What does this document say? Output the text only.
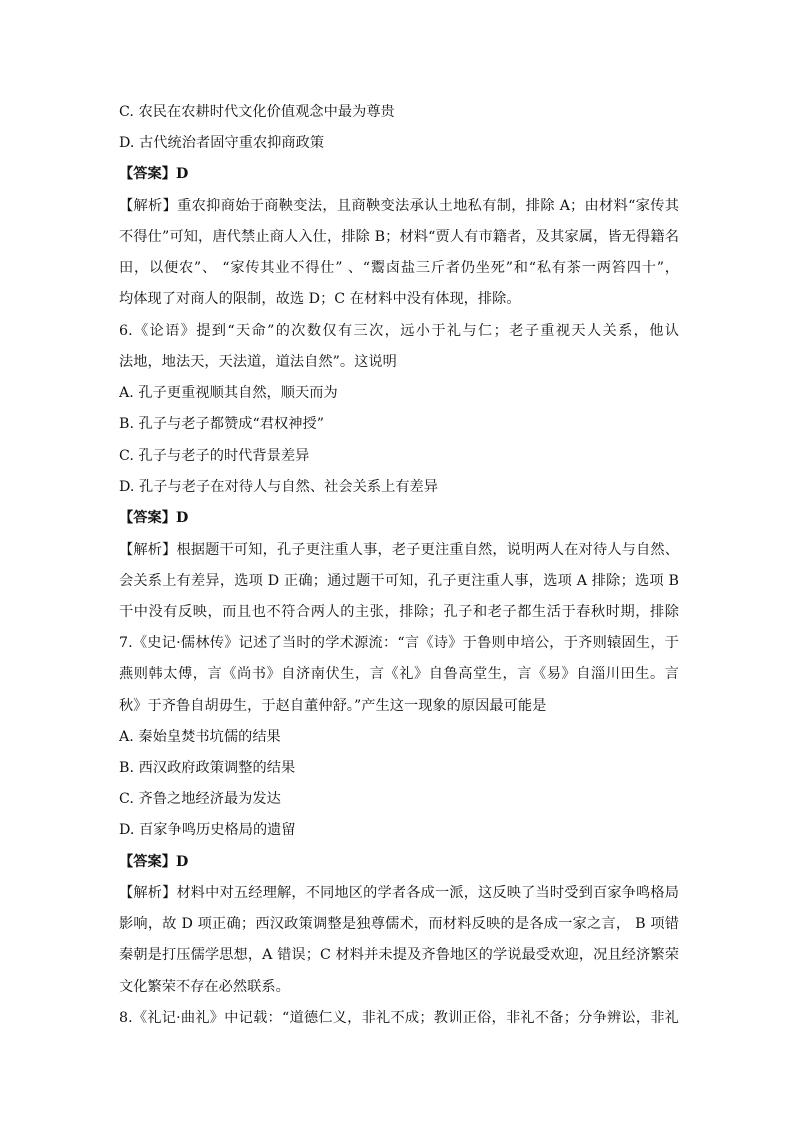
C. 农民在农耕时代文化价值观念中最为尊贵
D. 古代统治者固守重农抑商政策
【答案】D
【解析】重农抑商始于商鞅变法，且商鞅变法承认土地私有制，排除 A；由材料“家传其
不得仕”可知，唐代禁止商人入仕，排除 B；材料“贾人有市籍者，及其家属，皆无得籍名
田，以便农”、 “家传其业不得仕” 、“鬻卤盐三斤者仍坐死”和“私有茶一两笞四十”，
均体现了对商人的限制，故选 D；C 在材料中没有体现，排除。
6.《论语》提到“天命”的次数仅有三次，远小于礼与仁；老子重视天人关系，他认
法地，地法天，天法道，道法自然”。这说明
A. 孔子更重视顺其自然，顺天而为
B. 孔子与老子都赞成“君权神授”
C. 孔子与老子的时代背景差异
D. 孔子与老子在对待人与自然、社会关系上有差异
【答案】D
【解析】根据题干可知，孔子更注重人事，老子更注重自然，说明两人在对待人与自然、
会关系上有差异，选项 D 正确；通过题干可知，孔子更注重人事，选项 A 排除；选项 B
干中没有反映，而且也不符合两人的主张，排除；孔子和老子都生活于春秋时期，排除
7.《史记·儒林传》记述了当时的学术源流：“言《诗》于鲁则申培公，于齐则辕固生，于
燕则韩太傅，言《尚书》自济南伏生，言《礼》自鲁高堂生，言《易》自淄川田生。言
秋》于齐鲁自胡毋生，于赵自董仲舒。”产生这一现象的原因最可能是
A. 秦始皇焚书坑儒的结果
B. 西汉政府政策调整的结果
C. 齐鲁之地经济最为发达
D. 百家争鸣历史格局的遗留
【答案】D
【解析】材料中对五经理解，不同地区的学者各成一派，这反映了当时受到百家争鸣格局
影响，故 D 项正确；西汉政策调整是独尊儒术，而材料反映的是各成一家之言， B 项错
秦朝是打压儒学思想，A 错误；C 材料并未提及齐鲁地区的学说最受欢迎，况且经济繁荣
文化繁荣不存在必然联系。
8.《礼记·曲礼》中记载：“道德仁义，非礼不成；教训正俗，非礼不备；分争辨讼，非礼
